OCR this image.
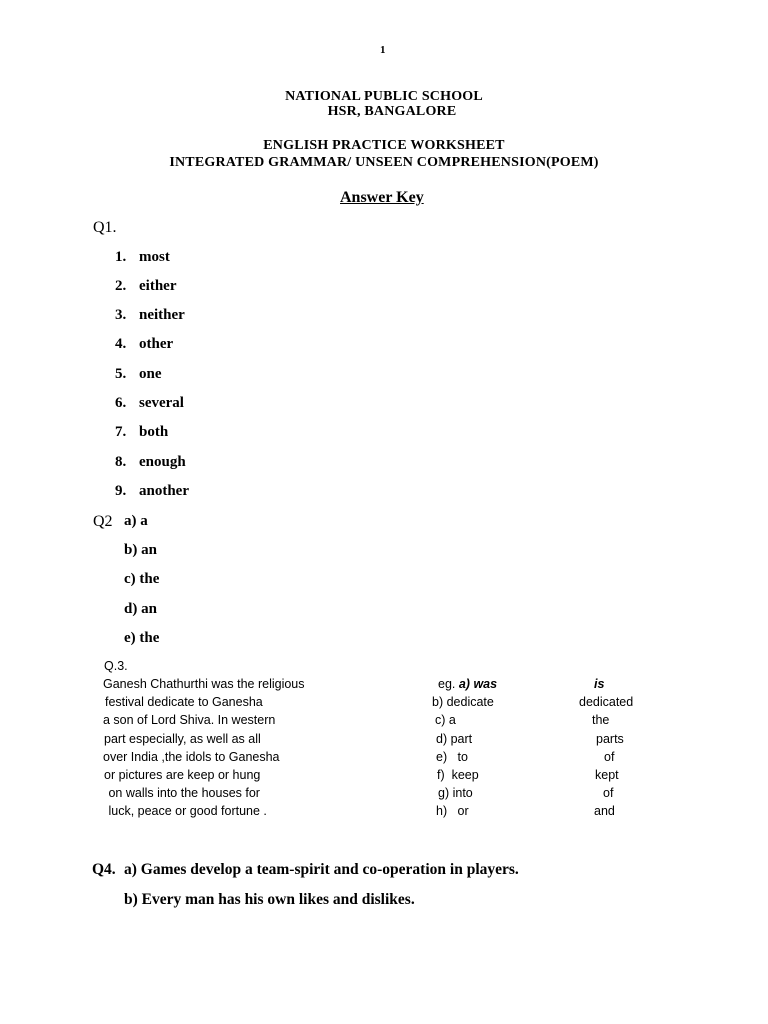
1
NATIONAL PUBLIC SCHOOL
HSR, BANGALORE
ENGLISH PRACTICE WORKSHEET
INTEGRATED GRAMMAR/ UNSEEN COMPREHENSION(POEM)
Answer Key
Q1.
1. most
2. either
3. neither
4. other
5. one
6. several
7. both
8. enough
9. another
Q2 a) a
b) an
c) the
d) an
e) the
Q.3.
Ganesh Chathurthi was the religious	eg. a) was	is
festival dedicate to Ganesha	b) dedicate	dedicated
a son of Lord Shiva. In western	c) a	the
part especially, as well as all	d) part	parts
over India ,the idols to Ganesha	e)   to	of
or pictures are keep or hung	f)  keep	kept
on walls into the houses for	g) into	of
luck, peace or good fortune .	h)   or	and
Q4. a) Games develop a team-spirit and co-operation in players.
b) Every man has his own likes and dislikes.
